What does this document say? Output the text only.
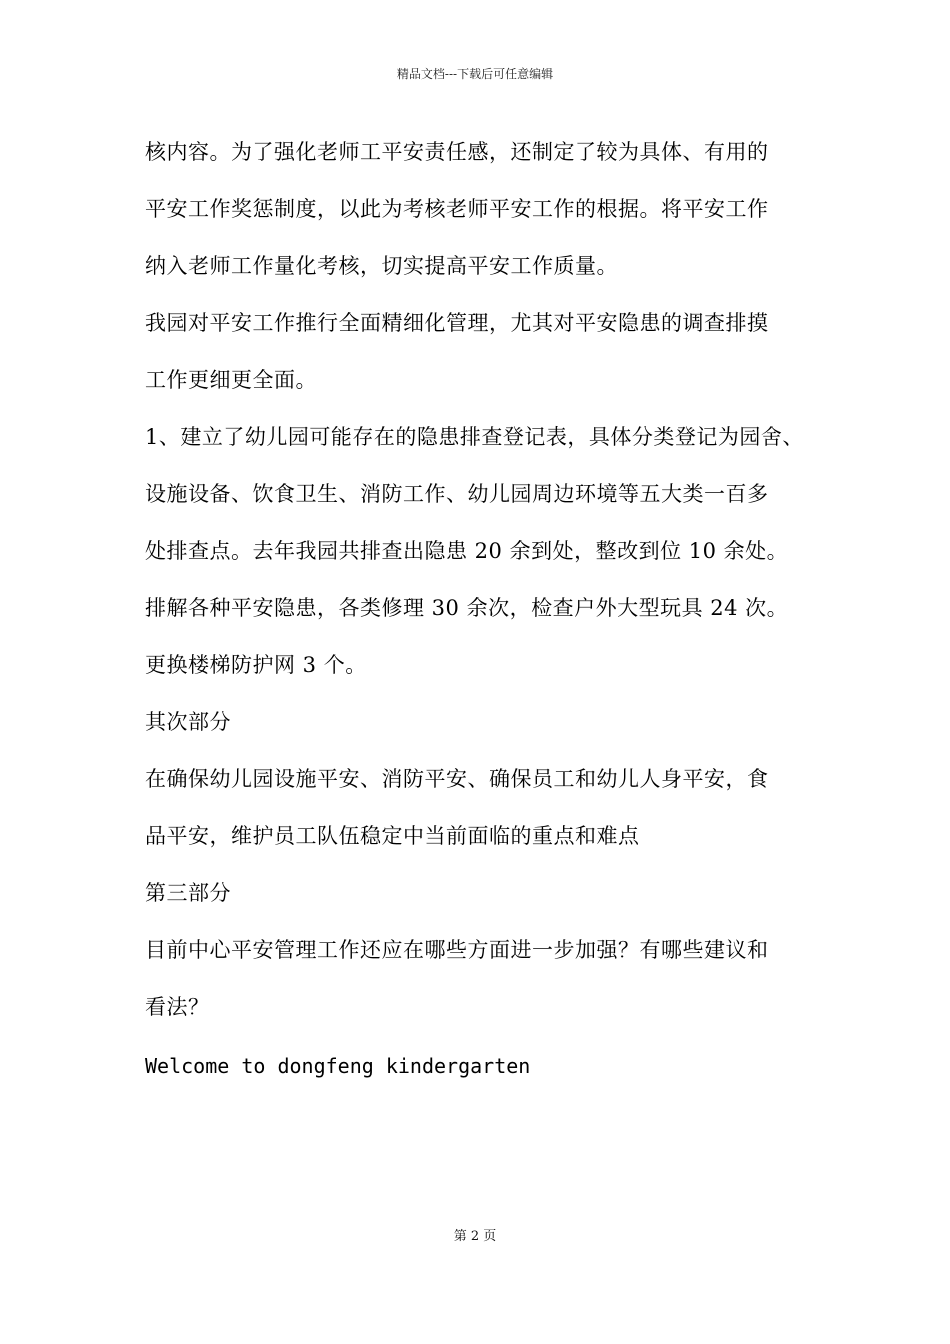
精品文档---下载后可任意编辑
核内容。为了强化老师工平安责任感，还制定了较为具体、有用的
平安工作奖惩制度，以此为考核老师平安工作的根据。将平安工作
纳入老师工作量化考核，切实提高平安工作质量。
我园对平安工作推行全面精细化管理，尤其对平安隐患的调查排摸
工作更细更全面。
1、建立了幼儿园可能存在的隐患排查登记表，具体分类登记为园舍、
设施设备、饮食卫生、消防工作、幼儿园周边环境等五大类一百多
处排查点。去年我园共排查出隐患 20 余到处，整改到位 10 余处。
排解各种平安隐患，各类修理 30 余次，检查户外大型玩具 24 次。
更换楼梯防护网 3 个。
其次部分
在确保幼儿园设施平安、消防平安、确保员工和幼儿人身平安，食
品平安，维护员工队伍稳定中当前面临的重点和难点
第三部分
目前中心平安管理工作还应在哪些方面进一步加强？有哪些建议和
看法？
Welcome to dongfeng kindergarten
第 2 页
